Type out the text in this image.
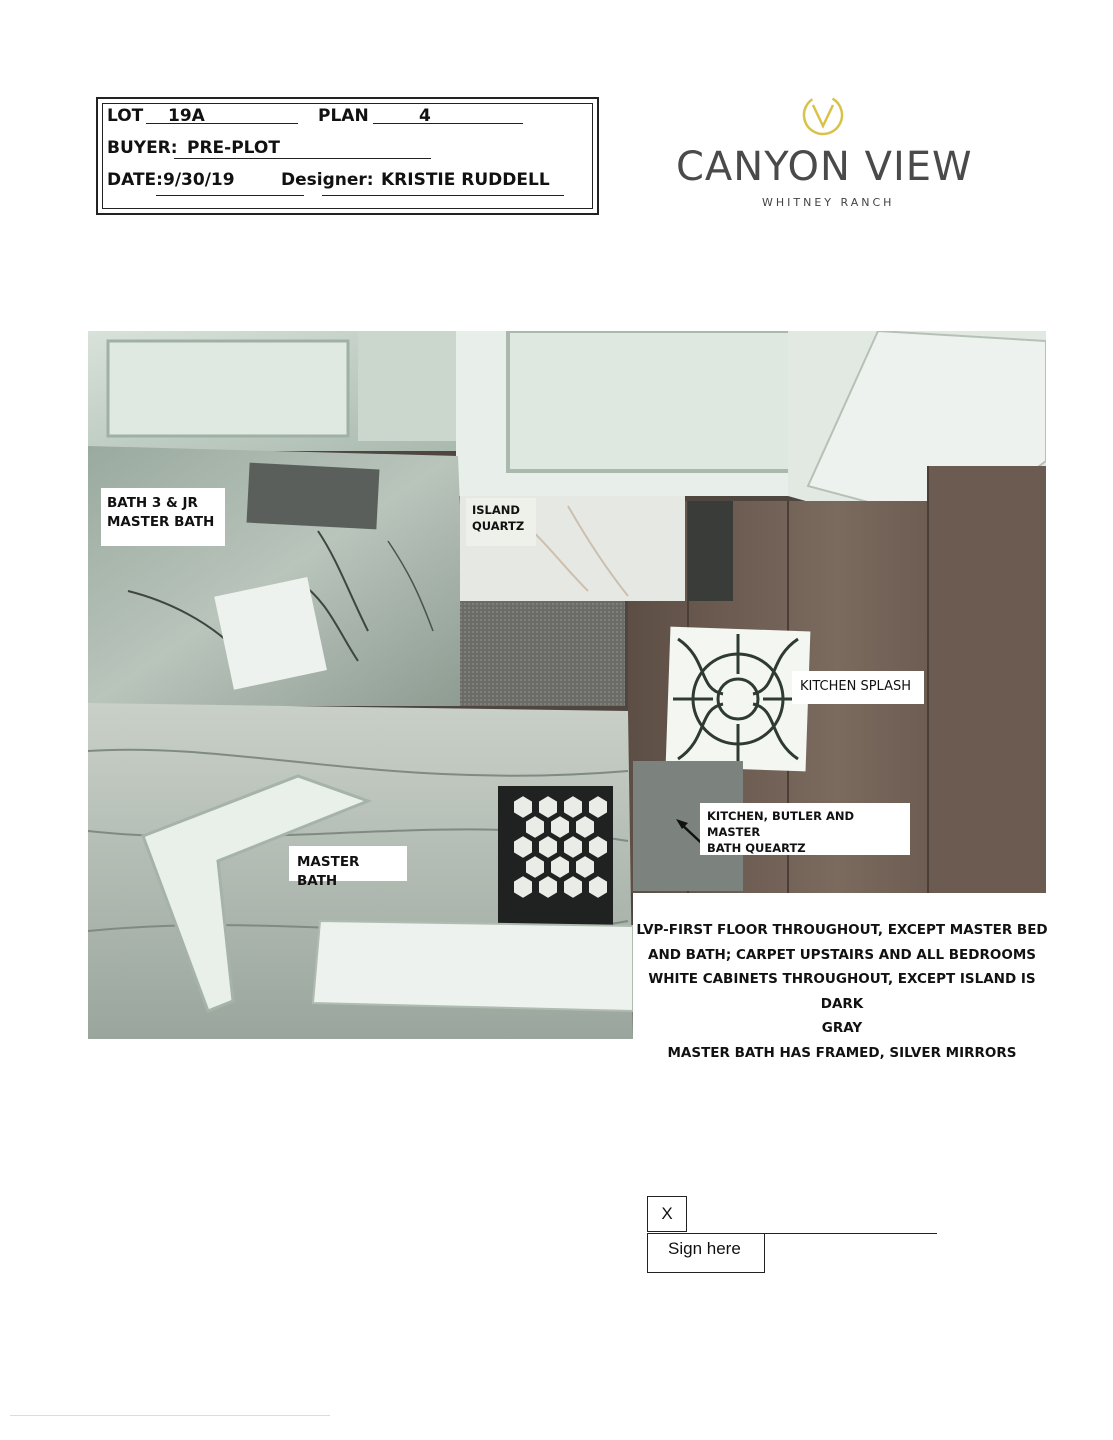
LOT 19A	PLAN	4
BUYER: PRE-PLOT
DATE: 9/30/19	Designer: KRISTIE RUDDELL	CANYON VIEW
WHITNEY RANCH
BATH 3 & JR
MASTER BATH
ISLAND
QUARTZ
KITCHEN SPLASH
KITCHEN, BUTLER AND MASTER
BATH QUEARTZ
MASTER BATH
LVP-FIRST FLOOR THROUGHOUT, EXCEPT MASTER BED
AND BATH; CARPET UPSTAIRS AND ALL BEDROOMS
WHITE CABINETS THROUGHOUT, EXCEPT ISLAND IS DARK
GRAY
MASTER BATH HAS FRAMED, SILVER MIRRORS
X
Sign here
